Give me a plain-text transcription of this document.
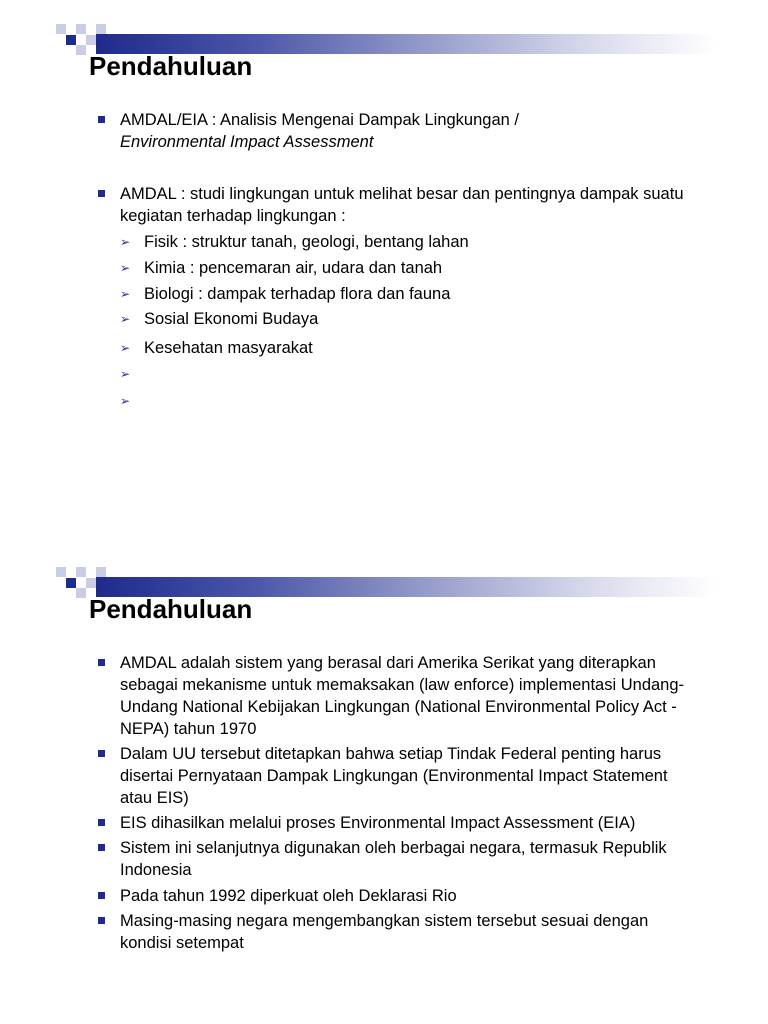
Pendahuluan
AMDAL/EIA : Analisis Mengenai Dampak Lingkungan /
Environmental Impact Assessment
AMDAL : studi lingkungan untuk melihat besar dan pentingnya dampak suatu kegiatan terhadap lingkungan :
➢ Fisik : struktur tanah, geologi, bentang lahan
➢ Kimia : pencemaran air, udara dan tanah
➢ Biologi : dampak terhadap flora dan fauna
➢ Sosial Ekonomi Budaya
➢ Kesehatan masyarakat
➢
➢
Pendahuluan
AMDAL adalah sistem yang berasal dari Amerika Serikat yang diterapkan sebagai mekanisme untuk memaksakan (law enforce) implementasi Undang-Undang National Kebijakan Lingkungan (National Environmental Policy Act - NEPA) tahun 1970
Dalam UU tersebut ditetapkan bahwa setiap Tindak Federal penting harus disertai Pernyataan Dampak Lingkungan (Environmental Impact Statement atau EIS)
EIS dihasilkan melalui proses Environmental Impact Assessment (EIA)
Sistem ini selanjutnya digunakan oleh berbagai negara, termasuk Republik Indonesia
Pada tahun 1992 diperkuat oleh Deklarasi Rio
Masing-masing negara mengembangkan sistem tersebut sesuai dengan kondisi setempat
